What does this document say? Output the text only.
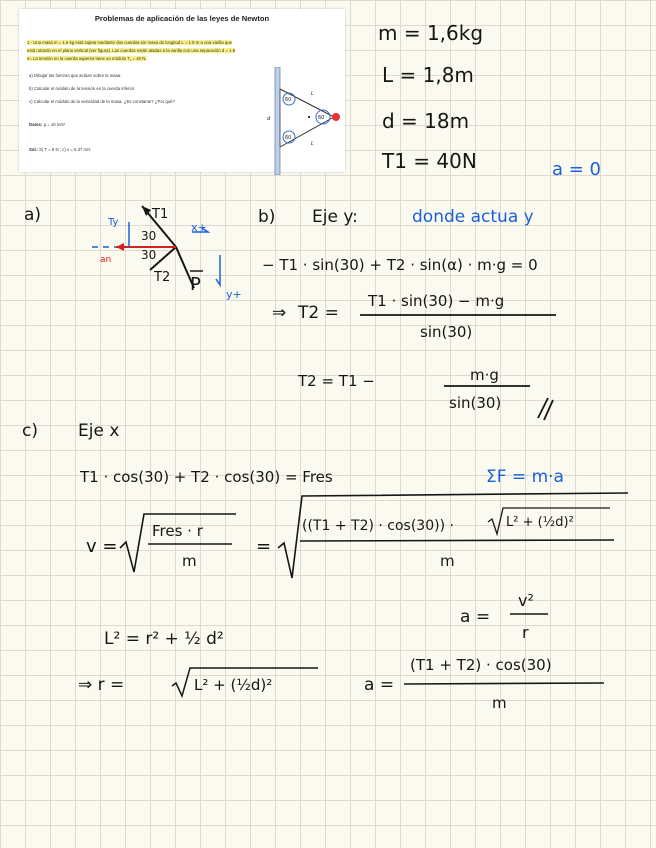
Problemas de aplicación de las leyes de Newton
1.- Una masa m = 1.6 kg está sujeta mediante dos cuerdas sin masa de longitud L = 1.8 m a una varilla que
está rotando en el plano vertical (ver figura). Las cuerdas están atadas a la varilla con una separación d = 1.8
m. La tensión en la cuerda superior tiene un módulo T₁ = 40 N.
a) Dibujar las fuerzas que actúan sobre la masa.
b) Calcular el módulo de la tensión en la cuerda inferior.
c) Calcular el módulo de la velocidad de la masa. ¿Es constante? ¿Por qué?
Datos: g = 10 m/s²
Sol.: b) T = 8 N ; c) v = 6.37 m/s
60
60
60
L
L
d
m = 1,6kg
L = 1,8m
d = 18m
T1 = 40N	a = 0
a)	T1
T2 P
Ty
30
30
an
x+
y+
b) Eje y:	donde actua y
− T1 · sin(30) + T2 · sin(α) · m·g = 0
⇒ T2 =
T1 · sin(30) − m·g
sin(30)
T2 = T1 −	m·g
sin(30)
c) Eje x
T1 · cos(30) + T2 · cos(30) = Fres	ΣF = m·a
v =
Fres · r
m
=
((T1 + T2) · cos(30)) ·	L² + (½d)²
m
a =
v²
r
L² = r² + ½ d²
⇒ r =	L² + (½d)²	a =
(T1 + T2) · cos(30)
m
